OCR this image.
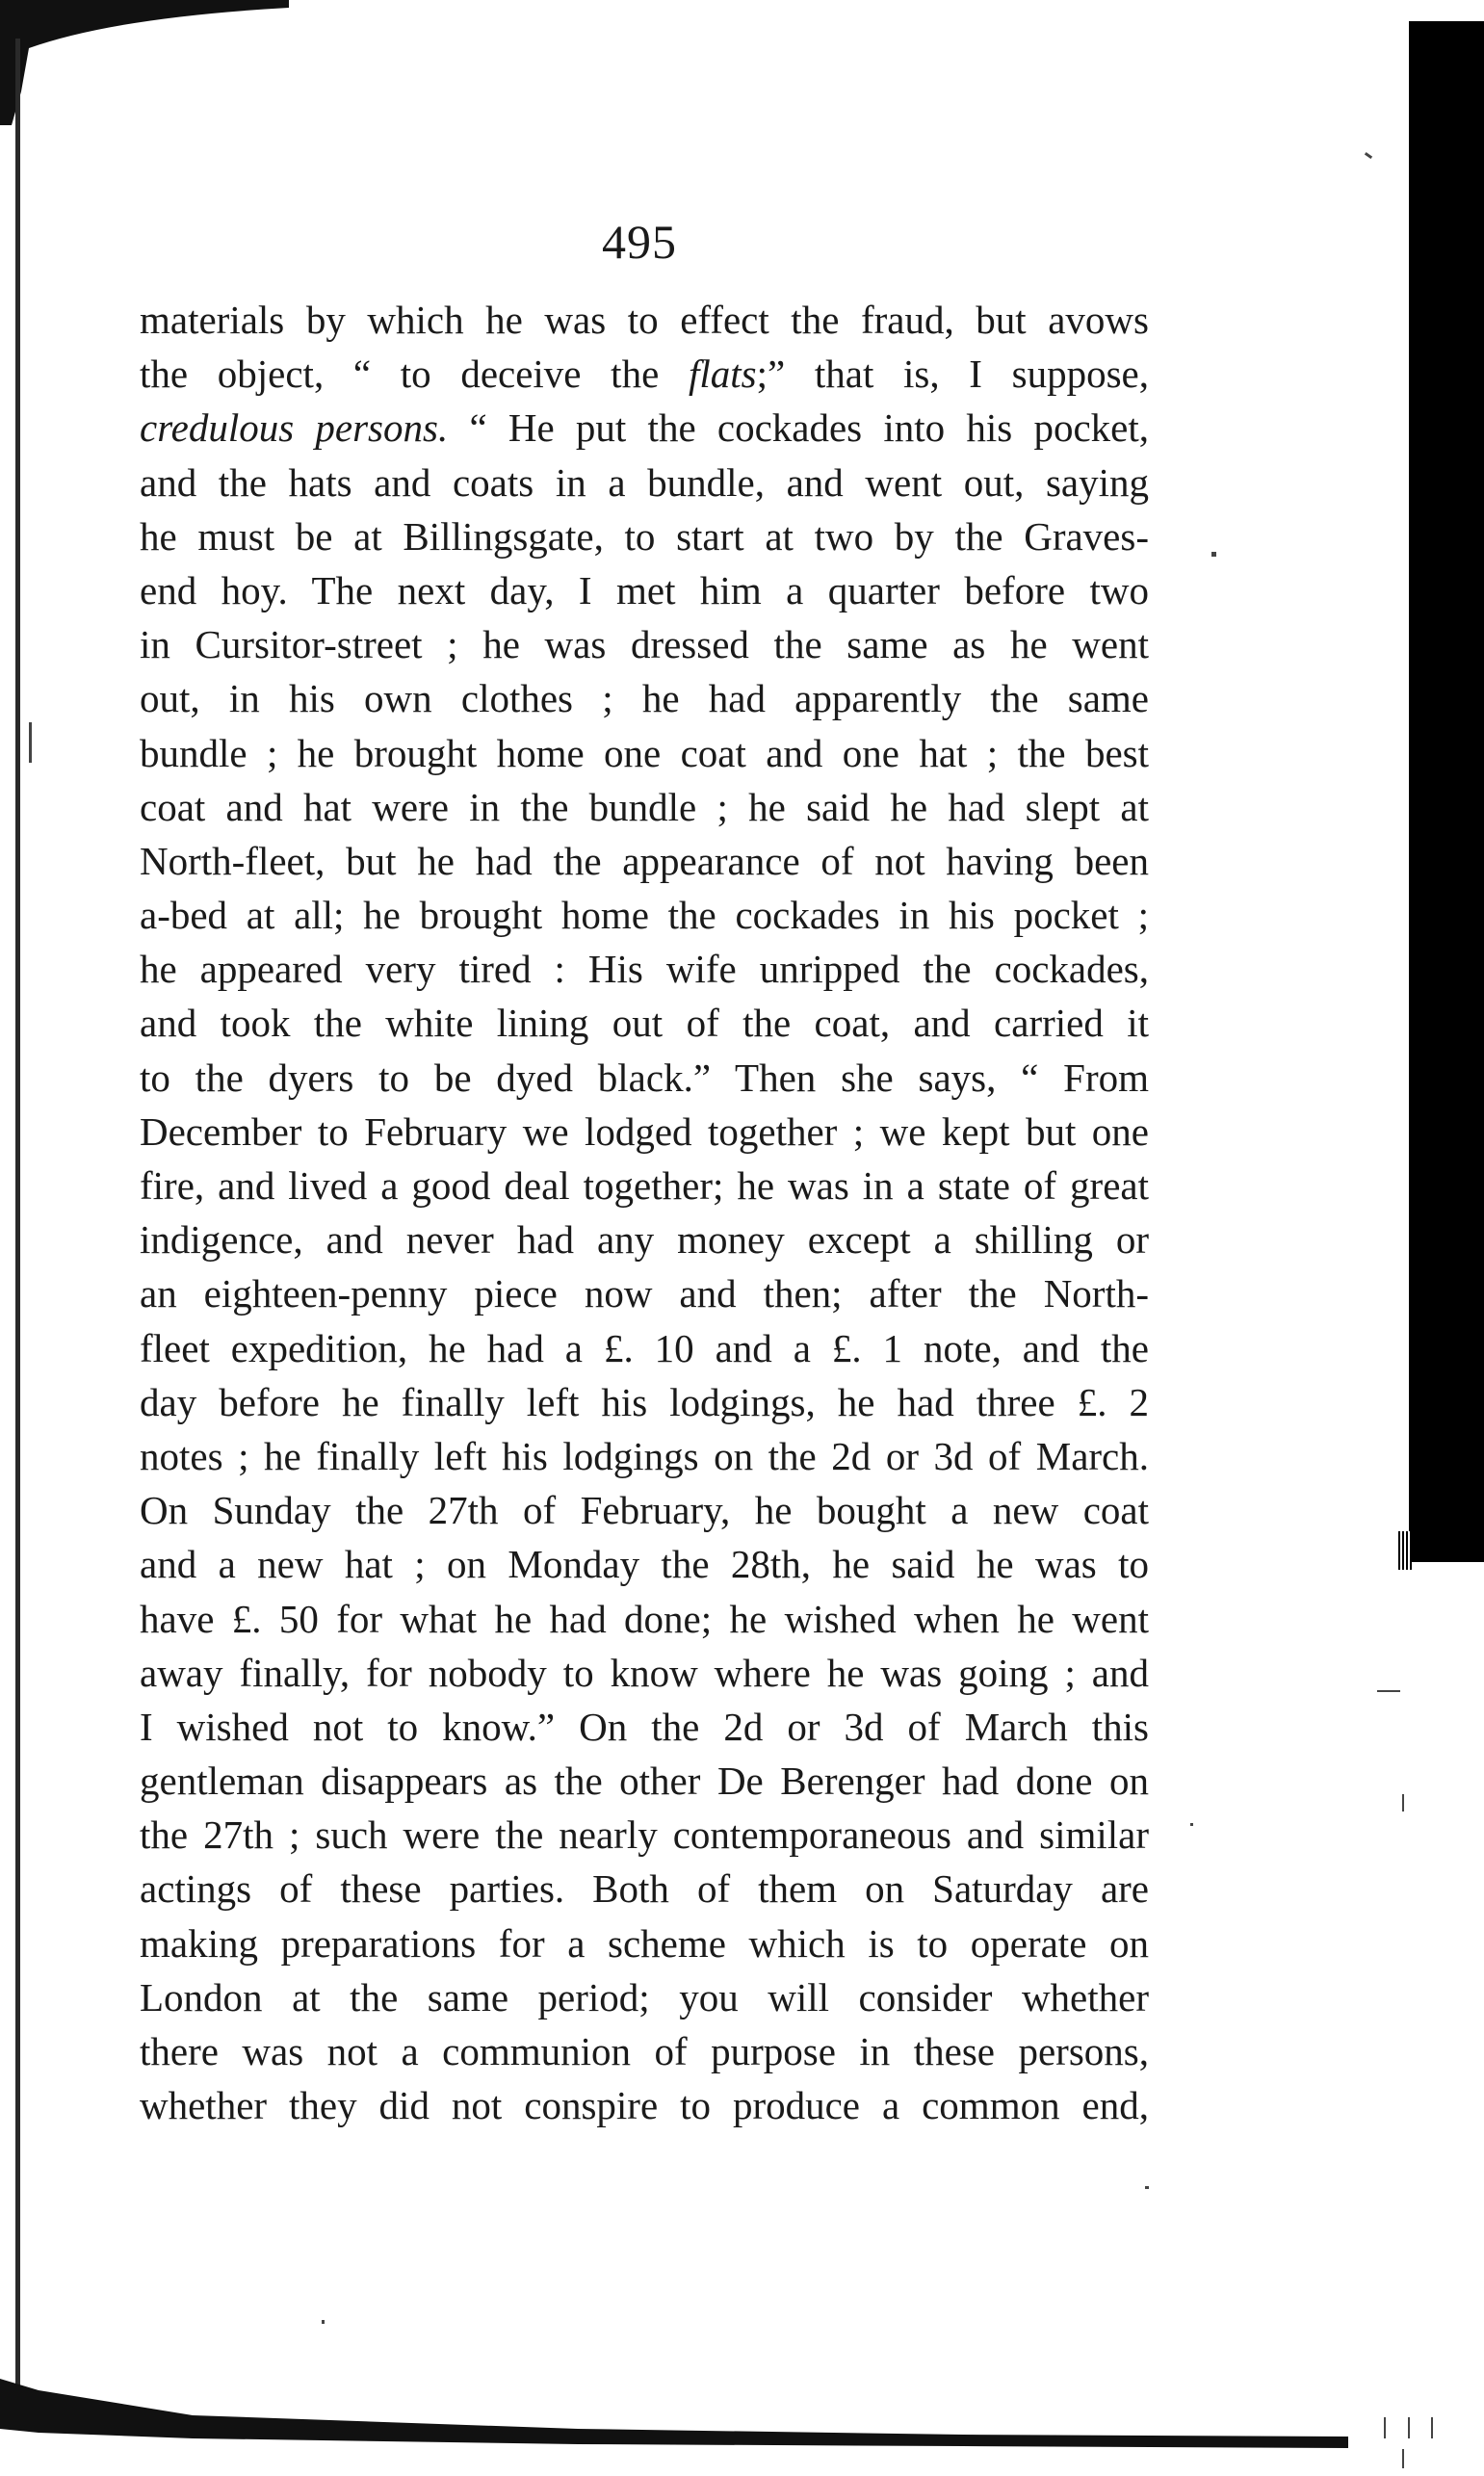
495
materials by which he was to effect the fraud, but avows
the object, “ to deceive the flats;” that is, I suppose,
credulous persons. “ He put the cockades into his pocket,
and the hats and coats in a bundle, and went out, saying
he must be at Billingsgate, to start at two by the Graves-
end hoy. The next day, I met him a quarter before two
in Cursitor-street ; he was dressed the same as he went
out, in his own clothes ; he had apparently the same
bundle ; he brought home one coat and one hat ; the best
coat and hat were in the bundle ; he said he had slept at
North-fleet, but he had the appearance of not having been
a-bed at all; he brought home the cockades in his pocket ;
he appeared very tired : His wife unripped the cockades,
and took the white lining out of the coat, and carried it
to the dyers to be dyed black.” Then she says, “ From
December to February we lodged together ; we kept but one
fire, and lived a good deal together; he was in a state of great
indigence, and never had any money except a shilling or
an eighteen-penny piece now and then; after the North-
fleet expedition, he had a £. 10 and a £. 1 note, and the
day before he finally left his lodgings, he had three £. 2
notes ; he finally left his lodgings on the 2d or 3d of March.
On Sunday the 27th of February, he bought a new coat
and a new hat ; on Monday the 28th, he said he was to
have £. 50 for what he had done; he wished when he went
away finally, for nobody to know where he was going ; and
I wished not to know.” On the 2d or 3d of March this
gentleman disappears as the other De Berenger had done on
the 27th ; such were the nearly contemporaneous and similar
actings of these parties. Both of them on Saturday are
making preparations for a scheme which is to operate on
London at the same period; you will consider whether
there was not a communion of purpose in these persons,
whether they did not conspire to produce a common end,
